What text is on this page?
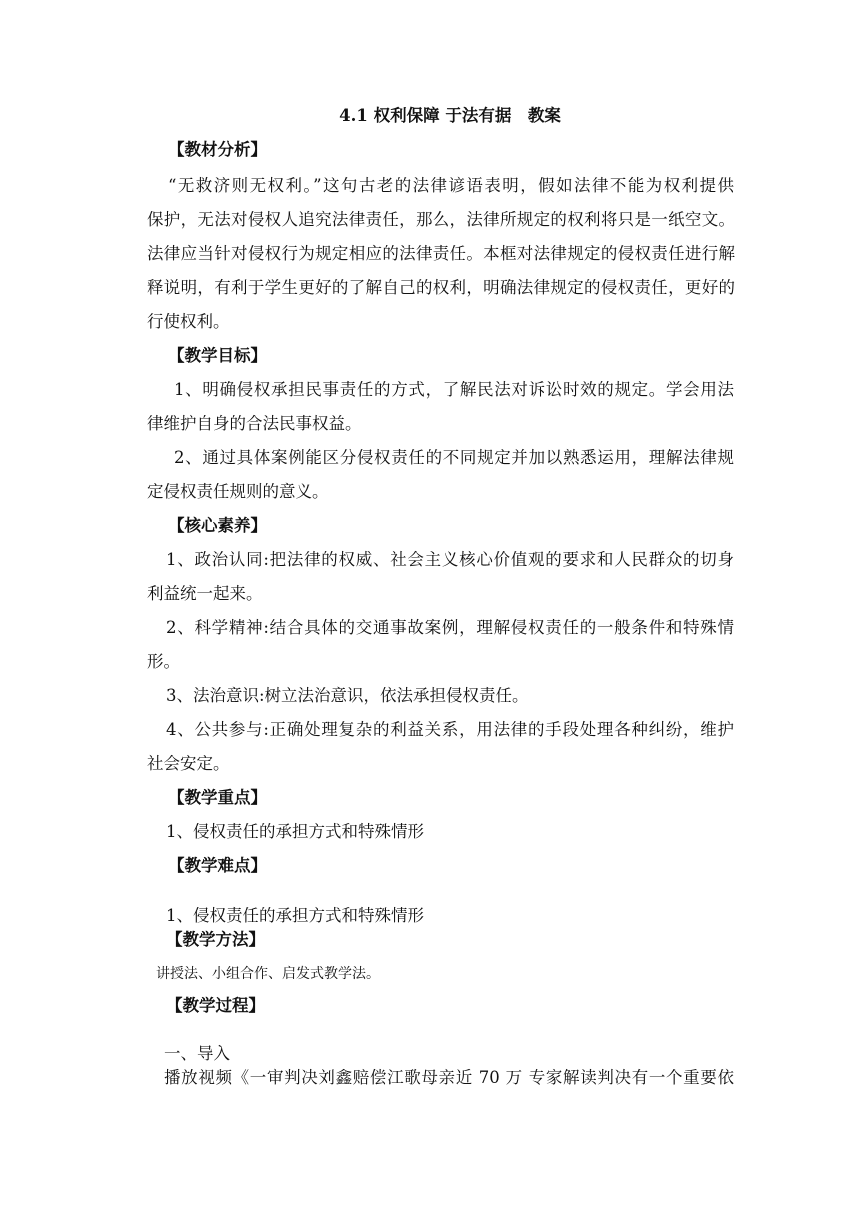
4.1 权利保障 于法有据　教案
【教材分析】
“无救济则无权利。”这句古老的法律谚语表明，假如法律不能为权利提供
保护，无法对侵权人追究法律责任，那么，法律所规定的权利将只是一纸空文。
法律应当针对侵权行为规定相应的法律责任。本框对法律规定的侵权责任进行解
释说明，有利于学生更好的了解自己的权利，明确法律规定的侵权责任，更好的
行使权利。
【教学目标】
1、明确侵权承担民事责任的方式，了解民法对诉讼时效的规定。学会用法
律维护自身的合法民事权益。
2、通过具体案例能区分侵权责任的不同规定并加以熟悉运用，理解法律规
定侵权责任规则的意义。
【核心素养】
1、政治认同:把法律的权威、社会主义核心价值观的要求和人民群众的切身
利益统一起来。
2、科学精神:结合具体的交通事故案例，理解侵权责任的一般条件和特殊情
形。
3、法治意识:树立法治意识，依法承担侵权责任。
4、公共参与:正确处理复杂的利益关系，用法律的手段处理各种纠纷，维护
社会安定。
【教学重点】
1、侵权责任的承担方式和特殊情形
【教学难点】
1、侵权责任的承担方式和特殊情形
【教学方法】
讲授法、小组合作、启发式教学法。
【教学过程】
一、导入
播放视频《一审判决刘鑫赔偿江歌母亲近 70 万 专家解读判决有一个重要依
